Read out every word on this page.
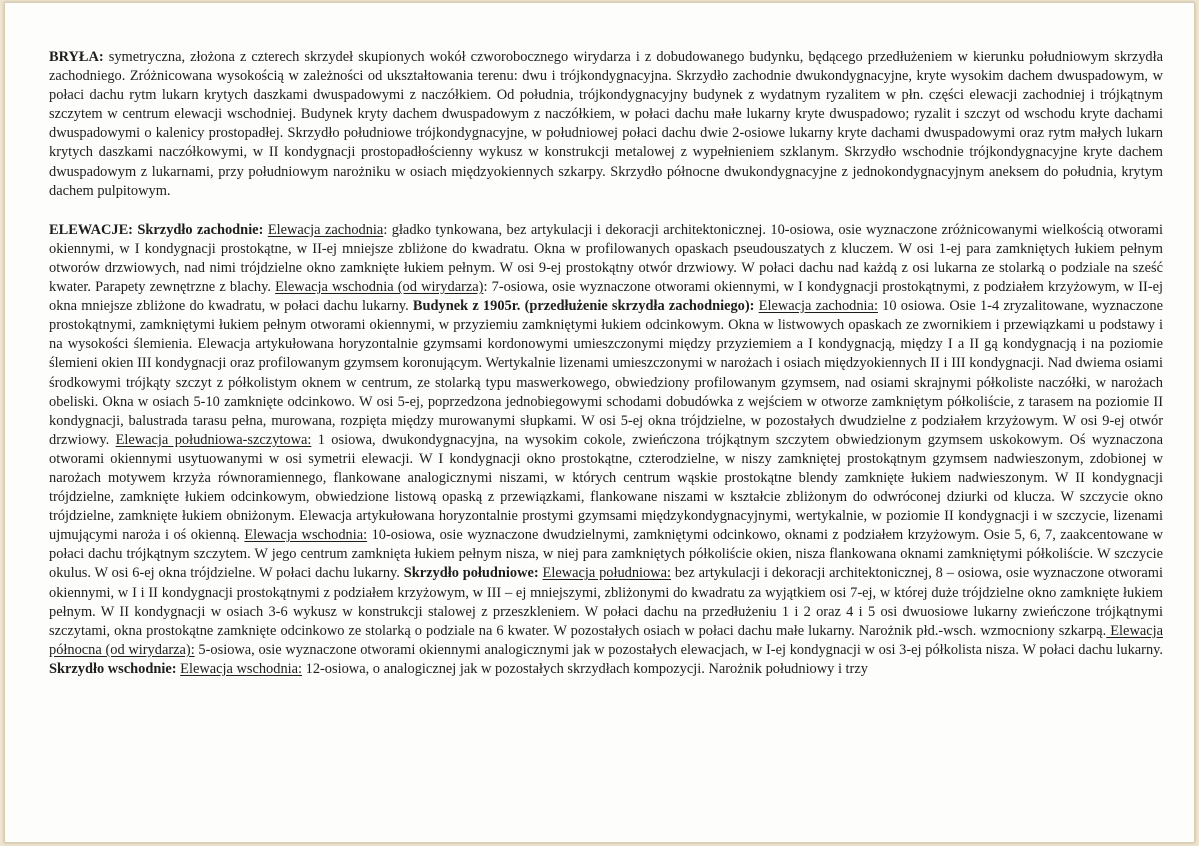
BRYŁA: symetryczna, złożona z czterech skrzydeł skupionych wokół czworobocznego wirydarza i z dobudowanego budynku, będącego przedłużeniem w kierunku południowym skrzydła zachodniego. Zróżnicowana wysokością w zależności od ukształtowania terenu: dwu i trójkondygnacyjna. Skrzydło zachodnie dwukondygnacyjne, kryte wysokim dachem dwuspadowym, w połaci dachu rytm lukarn krytych daszkami dwuspadowymi z naczółkiem. Od południa, trójkondygnacyjny budynek z wydatnym ryzalitem w płn. części elewacji zachodniej i trójkątnym szczytem w centrum elewacji wschodniej. Budynek kryty dachem dwuspadowym z naczółkiem, w połaci dachu małe lukarny kryte dwuspadowo; ryzalit i szczyt od wschodu kryte dachami dwuspadowymi o kalenicy prostopadłej. Skrzydło południowe trójkondygnacyjne, w południowej połaci dachu dwie 2-osiowe lukarny kryte dachami dwuspadowymi oraz rytm małych lukarn krytych daszkami naczółkowymi, w II kondygnacji prostopadłościenny wykusz w konstrukcji metalowej z wypełnieniem szklanym. Skrzydło wschodnie trójkondygnacyjne kryte dachem dwuspadowym z lukarnami, przy południowym narożniku w osiach międzyokiennych szkarpy. Skrzydło północne dwukondygnacyjne z jednokondygnacyjnym aneksem do południa, krytym dachem pulpitowym.

ELEWACJE: Skrzydło zachodnie: Elewacja zachodnia: gładko tynkowana, bez artykulacji i dekoracji architektonicznej. 10-osiowa, osie wyznaczone zróżnicowanymi wielkością otworami okiennymi, w I kondygnacji prostokątne, w II-ej mniejsze zbliżone do kwadratu. Okna w profilowanych opaskach pseudouszatych z kluczem. W osi 1-ej para zamkniętych łukiem pełnym otworów drzwiowych, nad nimi trójdzielne okno zamknięte łukiem pełnym. W osi 9-ej prostokątny otwór drzwiowy. W połaci dachu nad każdą z osi lukarna ze stolarką o podziale na sześć kwater. Parapety zewnętrzne z blachy. Elewacja wschodnia (od wirydarza): 7-osiowa, osie wyznaczone otworami okiennymi, w I kondygnacji prostokątnymi, z podziałem krzyżowym, w II-ej okna mniejsze zbliżone do kwadratu, w połaci dachu lukarny. Budynek z 1905r. (przedłużenie skrzydła zachodniego): Elewacja zachodnia: 10 osiowa. Osie 1-4 zryzalitowane, wyznaczone prostokątnymi, zamkniętymi łukiem pełnym otworami okiennymi, w przyziemiu zamkniętymi łukiem odcinkowym. Okna w listwowych opaskach ze zwornikiem i przewiązkami u podstawy i na wysokości ślemienia. Elewacja artykułowana horyzontalnie gzymsami kordonowymi umieszczonymi między przyziemiem a I kondygnacją, między I a II gą kondygnacją i na poziomie ślemieni okien III kondygnacji oraz profilowanym gzymsem koronującym. Wertykalnie lizenami umieszczonymi w narożach i osiach międzyokiennych II i III kondygnacji. Nad dwiema osiami środkowymi trójkąty szczyt z półkolistym oknem w centrum, ze stolarką typu maswerkowego, obwiedziony profilowanym gzymsem, nad osiami skrajnymi półkoliste naczółki, w narożach obeliski. Okna w osiach 5-10 zamknięte odcinkowo. W osi 5-ej, poprzedzona jednobiegowymi schodami dobudówka z wejściem w otworze zamkniętym półkoliście, z tarasem na poziomie II kondygnacji, balustrada tarasu pełna, murowana, rozpięta między murowanymi słupkami. W osi 5-ej okna trójdzielne, w pozostałych dwudzielne z podziałem krzyżowym. W osi 9-ej otwór drzwiowy. Elewacja południowa-szczytowa: 1 osiowa, dwukondygnacyjna, na wysokim cokole, zwieńczona trójkątnym szczytem obwiedzionym gzymsem uskokowym. Oś wyznaczona otworami okiennymi usytuowanymi w osi symetrii elewacji. W I kondygnacji okno prostokątne, czterodzielne, w niszy zamkniętej prostokątnym gzymsem nadwieszonym, zdobionej w narożach motywem krzyża równoramiennego, flankowane analogicznymi niszami, w których centrum wąskie prostokątne blendy zamknięte łukiem nadwieszonym. W II kondygnacji trójdzielne, zamknięte łukiem odcinkowym, obwiedzione listową opaską z przewiązkami, flankowane niszami w kształcie zbliżonym do odwróconej dziurki od klucza. W szczycie okno trójdzielne, zamknięte łukiem obniżonym. Elewacja artykułowana horyzontalnie prostymi gzymsami międzykondygnacyjnymi, wertykalnie, w poziomie II kondygnacji i w szczycie, lizenami ujmującymi naroża i oś okienną. Elewacja wschodnia: 10-osiowa, osie wyznaczone dwudzielnymi, zamkniętymi odcinkowo, oknami z podziałem krzyżowym. Osie 5, 6, 7, zaakcentowane w połaci dachu trójkątnym szczytem. W jego centrum zamknięta łukiem pełnym nisza, w niej para zamkniętych półkoliście okien, nisza flankowana oknami zamkniętymi półkoliście. W szczycie okulus. W osi 6-ej okna trójdzielne. W połaci dachu lukarny. Skrzydło południowe: Elewacja południowa: bez artykulacji i dekoracji architektonicznej, 8 – osiowa, osie wyznaczone otworami okiennymi, w I i II kondygnacji prostokątnymi z podziałem krzyżowym, w III – ej mniejszymi, zbliżonymi do kwadratu za wyjątkiem osi 7-ej, w której duże trójdzielne okno zamknięte łukiem pełnym. W II kondygnacji w osiach 3-6 wykusz w konstrukcji stalowej z przeszkleniem. W połaci dachu na przedłużeniu 1 i 2 oraz 4 i 5 osi dwuosiowe lukarny zwieńczone trójkątnymi szczytami, okna prostokątne zamknięte odcinkowo ze stolarką o podziale na 6 kwater. W pozostałych osiach w połaci dachu małe lukarny. Narożnik płd.-wsch. wzmocniony szkarpą. Elewacja północna (od wirydarza): 5-osiowa, osie wyznaczone otworami okiennymi analogicznymi jak w pozostałych elewacjach, w I-ej kondygnacji w osi 3-ej półkolista nisza. W połaci dachu lukarny. Skrzydło wschodnie: Elewacja wschodnia: 12-osiowa, o analogicznej jak w pozostałych skrzydłach kompozycji. Narożnik południowy i trzy
